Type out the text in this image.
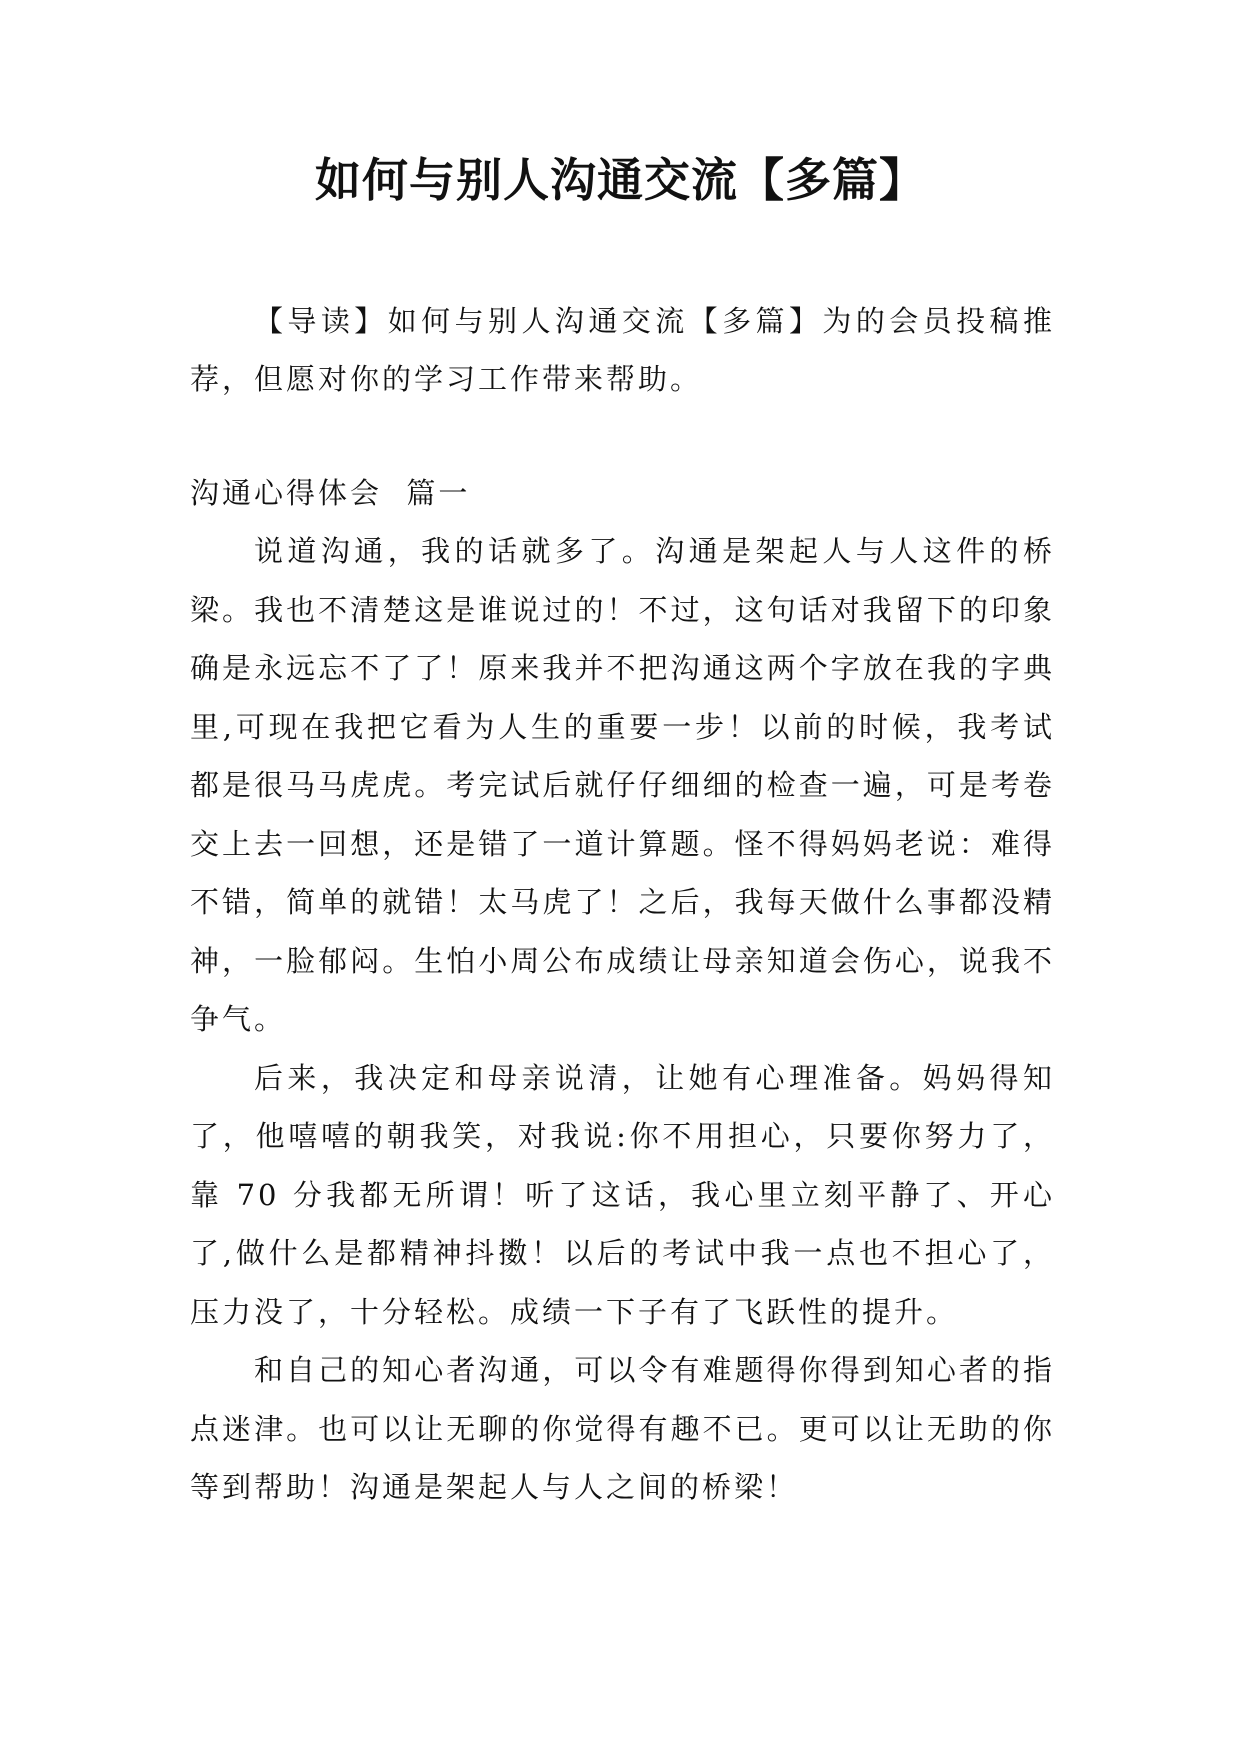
如何与别人沟通交流【多篇】

【导读】如何与别人沟通交流【多篇】为的会员投稿推荐，但愿对你的学习工作带来帮助。

沟通心得体会  篇一

说道沟通，我的话就多了。沟通是架起人与人这件的桥梁。我也不清楚这是谁说过的！不过，这句话对我留下的印象确是永远忘不了了！原来我并不把沟通这两个字放在我的字典里,可现在我把它看为人生的重要一步！以前的时候，我考试都是很马马虎虎。考完试后就仔仔细细的检查一遍，可是考卷交上去一回想，还是错了一道计算题。怪不得妈妈老说：难得不错，简单的就错！太马虎了！之后，我每天做什么事都没精神，一脸郁闷。生怕小周公布成绩让母亲知道会伤心，说我不争气。

后来，我决定和母亲说清，让她有心理准备。妈妈得知了，他嘻嘻的朝我笑，对我说:你不用担心，只要你努力了，靠 70 分我都无所谓！听了这话，我心里立刻平静了、开心了,做什么是都精神抖擞！以后的考试中我一点也不担心了，压力没了，十分轻松。成绩一下子有了飞跃性的提升。

和自己的知心者沟通，可以令有难题得你得到知心者的指点迷津。也可以让无聊的你觉得有趣不已。更可以让无助的你等到帮助！沟通是架起人与人之间的桥梁！
